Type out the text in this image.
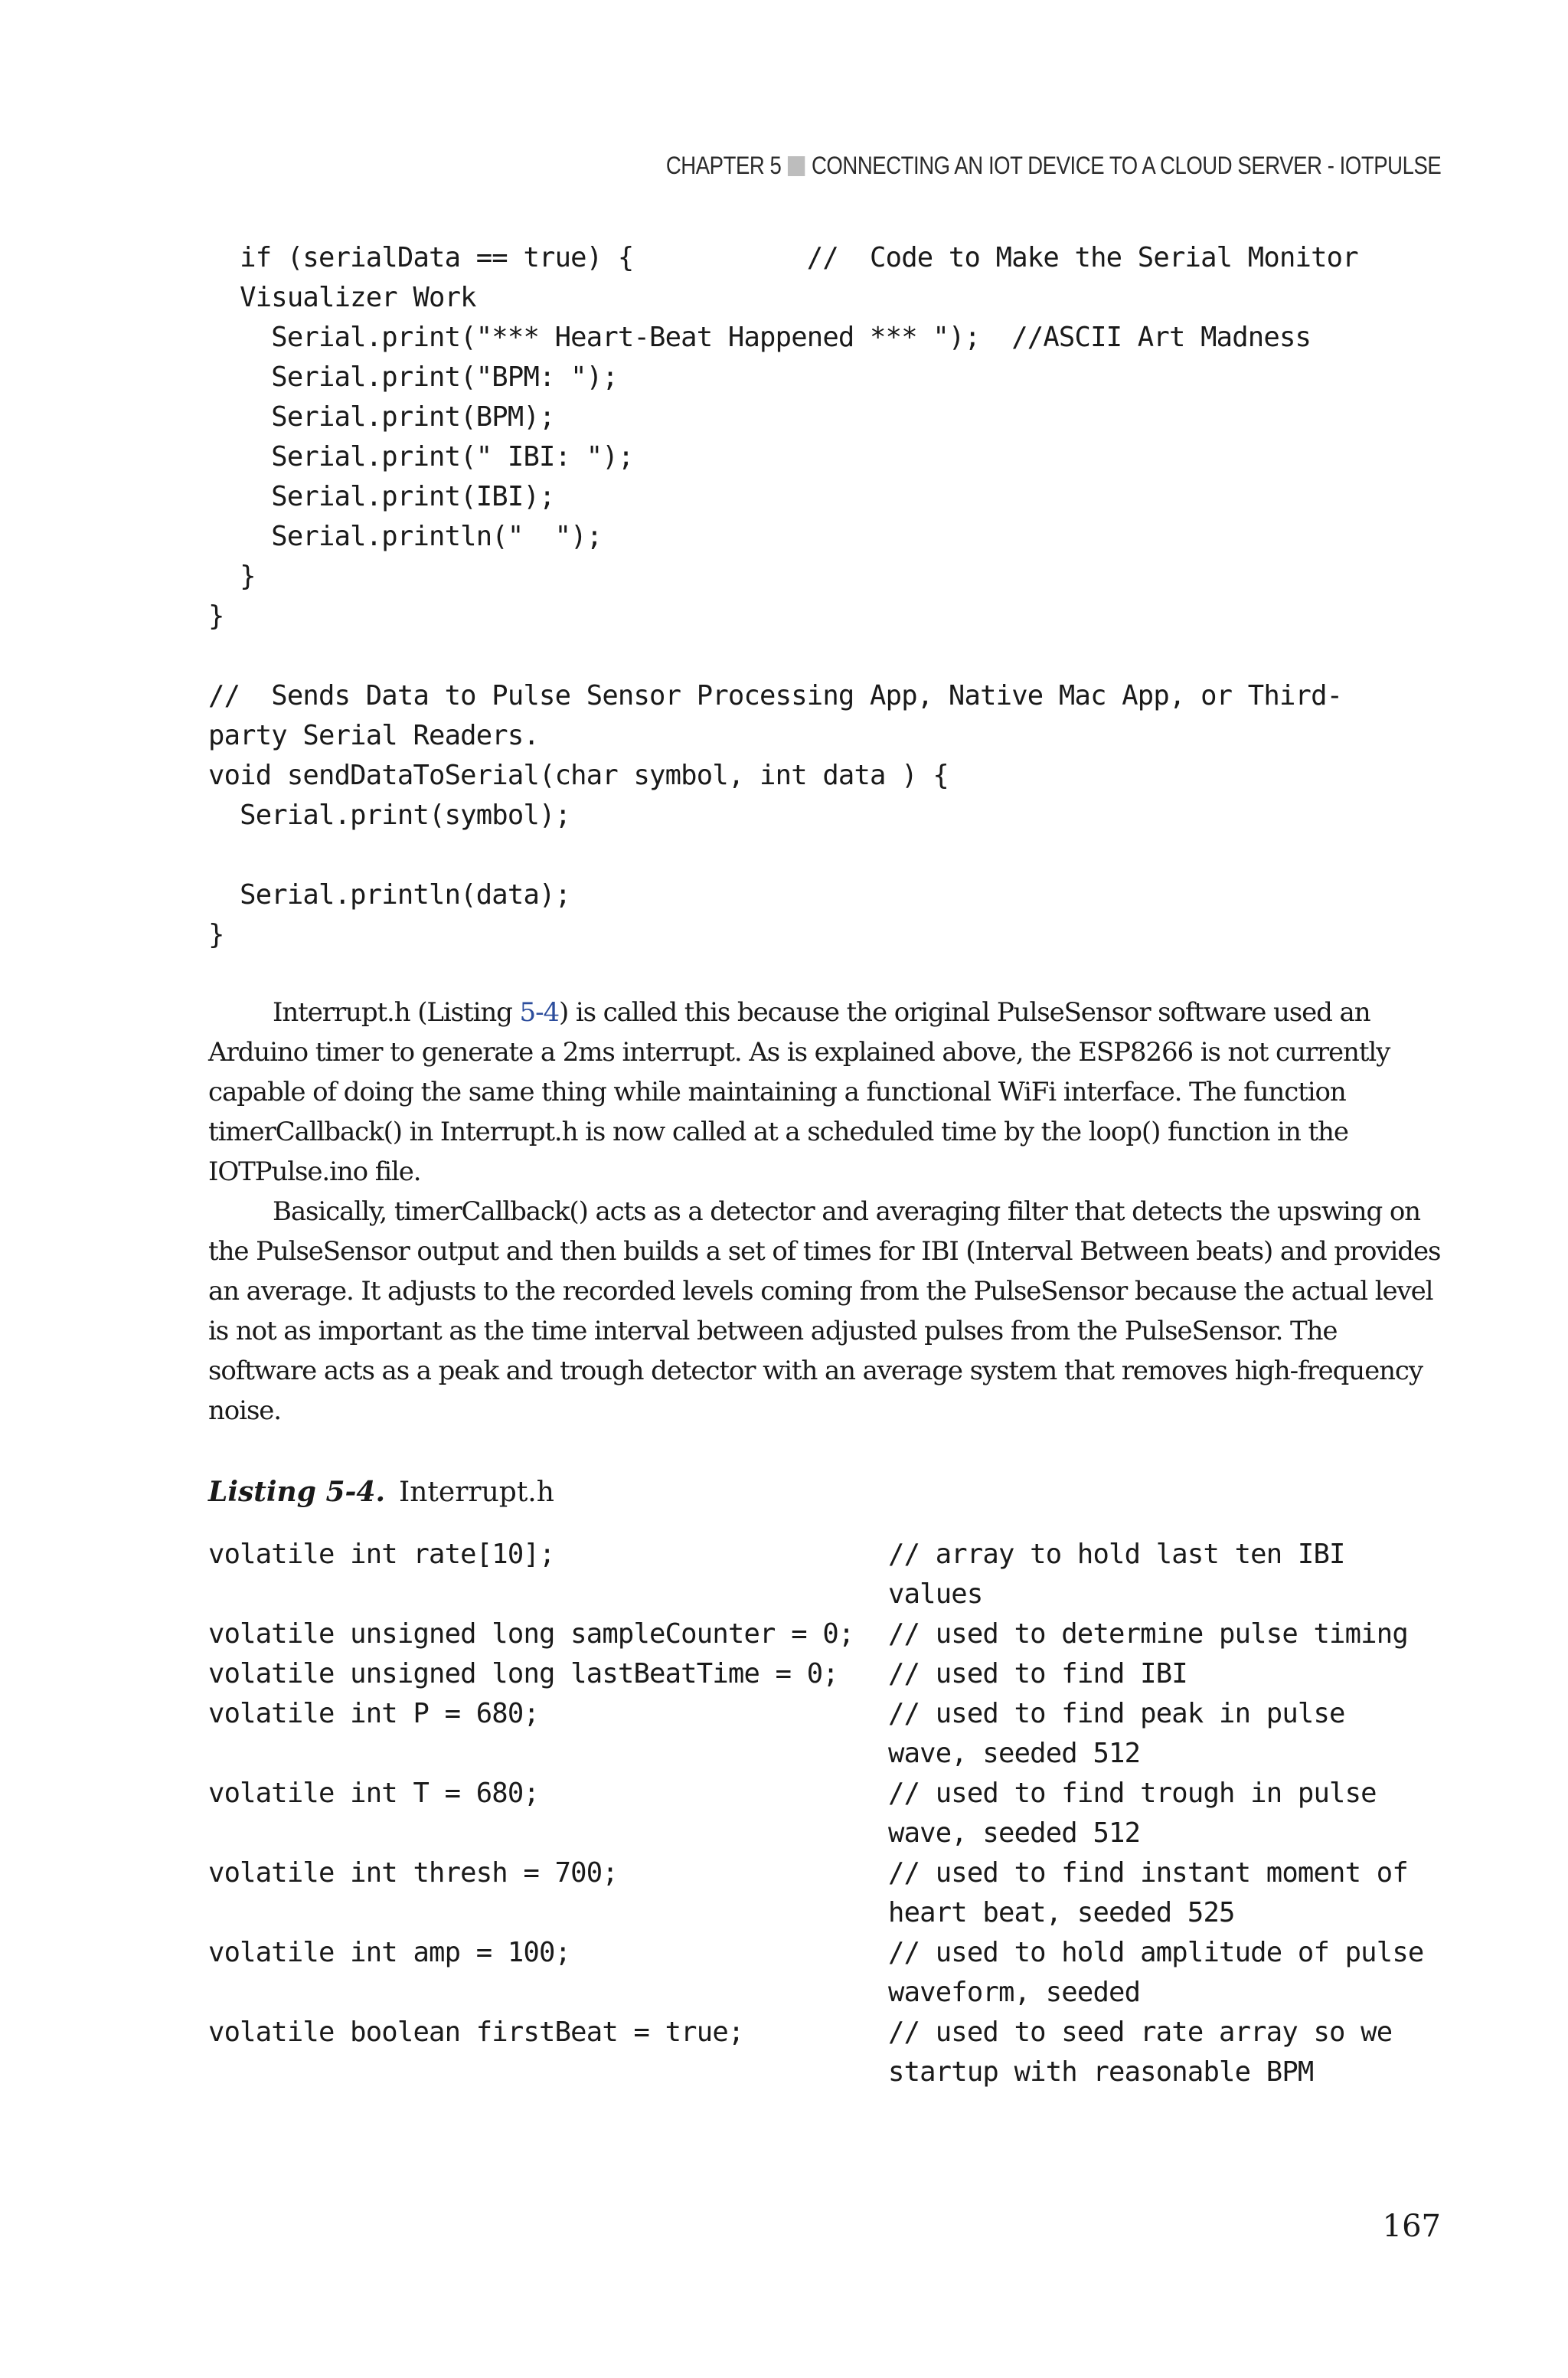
CHAPTER 5 CONNECTING AN IOT DEVICE TO A CLOUD SERVER - IOTPULSE
if (serialData == true) {           //  Code to Make the Serial Monitor
Visualizer Work
Serial.print("*** Heart-Beat Happened *** ");  //ASCII Art Madness
Serial.print("BPM: ");
Serial.print(BPM);
Serial.print(" IBI: ");
Serial.print(IBI);
Serial.println("  ");
}
}

//  Sends Data to Pulse Sensor Processing App, Native Mac App, or Third-
party Serial Readers.
void sendDataToSerial(char symbol, int data ) {
Serial.print(symbol);

Serial.println(data);
}

Interrupt.h (Listing 5-4) is called this because the original PulseSensor software used an Arduino timer to generate a 2ms interrupt. As is explained above, the ESP8266 is not currently capable of doing the same thing while maintaining a functional WiFi interface. The function timerCallback() in Interrupt.h is now called at a scheduled time by the loop() function in the IOTPulse.ino file.

Basically, timerCallback() acts as a detector and averaging filter that detects the upswing on the PulseSensor output and then builds a set of times for IBI (Interval Between beats) and provides an average. It adjusts to the recorded levels coming from the PulseSensor because the actual level is not as important as the time interval between adjusted pulses from the PulseSensor. The software acts as a peak and trough detector with an average system that removes high-frequency noise.

Listing 5-4. Interrupt.h
volatile int rate[10];	// array to hold last ten IBI values
volatile unsigned long sampleCounter = 0;	// used to determine pulse timing
volatile unsigned long lastBeatTime = 0;	// used to find IBI
volatile int P = 680;	// used to find peak in pulse
wave, seeded 512
volatile int T = 680;	// used to find trough in pulse
wave, seeded 512
volatile int thresh = 700;	// used to find instant moment of
heart beat, seeded 525
volatile int amp = 100;	// used to hold amplitude of pulse
waveform, seeded
volatile boolean firstBeat = true;	// used to seed rate array so we
startup with reasonable BPM
167
